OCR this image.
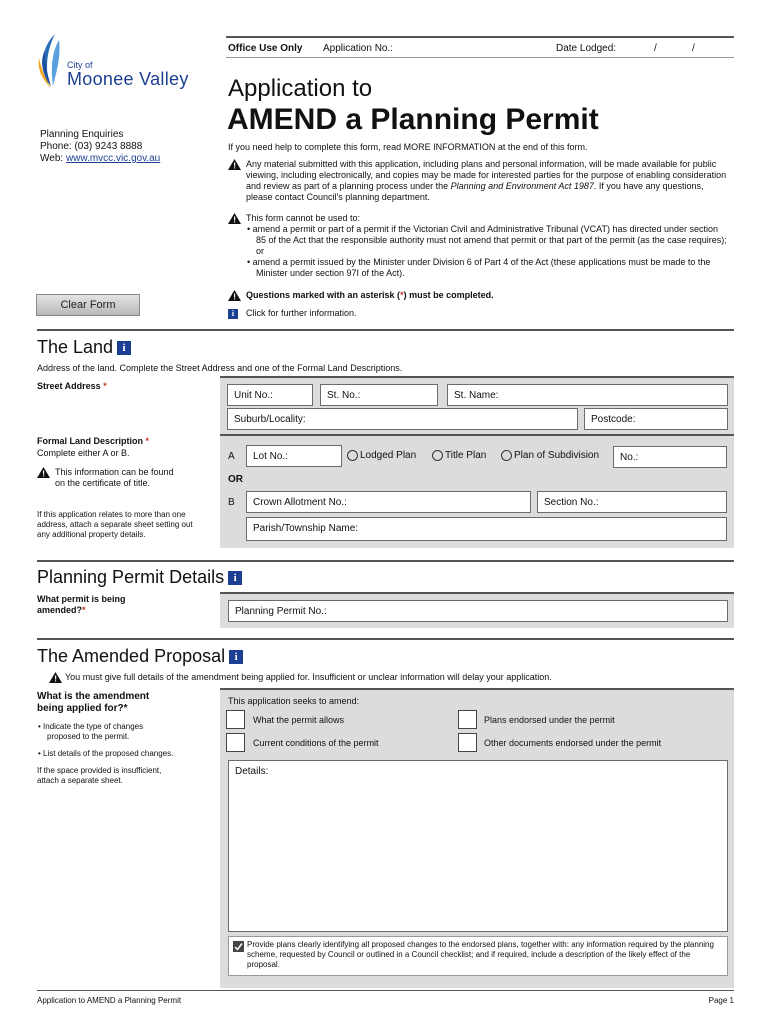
Office Use Only Application No.:	Date Lodged:	/	/
City of
Moonee Valley
Planning Enquiries
Phone: (03) 9243 8888
Web: www.mvcc.vic.gov.au
Application to
AMEND a Planning Permit
If you need help to complete this form, read MORE INFORMATION at the end of this form.
Any material submitted with this application, including plans and personal information, will be made available for public viewing, including electronically, and copies may be made for interested parties for the purpose of enabling consideration and review as part of a planning process under the Planning and Environment Act 1987. If you have any questions, please contact Council's planning department.
This form cannot be used to:
• amend a permit or part of a permit if the Victorian Civil and Administrative Tribunal (VCAT) has directed under section 85 of the Act that the responsible authority must not amend that permit or that part of the permit (as the case requires); or
• amend a permit issued by the Minister under Division 6 of Part 4 of the Act (these applications must be made to the Minister under section 97I of the Act).
Questions marked with an asterisk (*) must be completed.
i Click for further information.
Clear Form
The Land i
Address of the land. Complete the Street Address and one of the Formal Land Descriptions.
Street Address *
Unit No.:	St. No.:	St. Name:
Suburb/Locality:	Postcode:
Formal Land Description *
Complete either A or B.
This information can be found on the certificate of title.
If this application relates to more than one address, attach a separate sheet setting out any additional property details.
A	Lot No.:	Lodged Plan	Title Plan	Plan of Subdivision	No.:
OR
B	Crown Allotment No.:	Section No.:
Parish/Township Name:
Planning Permit Details i
What permit is being amended?*	Planning Permit No.:
The Amended Proposal i
You must give full details of the amendment being applied for. Insufficient or unclear information will delay your application.
What is the amendment being applied for?*
• Indicate the type of changes proposed to the permit.
• List details of the proposed changes.
If the space provided is insufficient, attach a separate sheet.
This application seeks to amend:
What the permit allows	Plans endorsed under the permit
Current conditions of the permit	Other documents endorsed under the permit
Details:
Provide plans clearly identifying all proposed changes to the endorsed plans, together with: any information required by the planning scheme, requested by Council or outlined in a Council checklist; and if required, include a description of the likely effect of the proposal.
Application to AMEND a Planning Permit	Page 1
